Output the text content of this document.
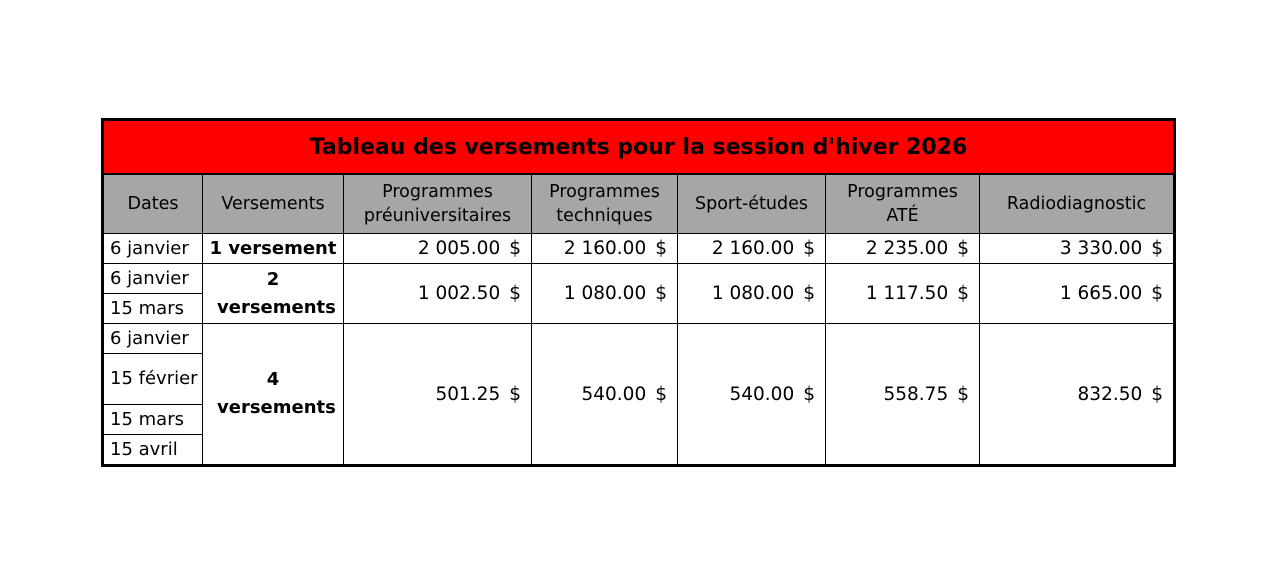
Tableau des versements pour la session d'hiver 2026						
Dates	Versements	Programmes préuniversitaires	Programmes techniques	Sport-études	Programmes ATÉ	Radiodiagnostic
6 janvier	1 versement	2 005.00 $	2 160.00 $	2 160.00 $	2 235.00 $	3 330.00 $
6 janvier	2 versements	1 002.50 $	1 080.00 $	1 080.00 $	1 117.50 $	1 665.00 $
15 mars						
6 janvier	4 versements	501.25 $	540.00 $	540.00 $	558.75 $	832.50 $
15 février						
15 mars						
15 avril						
